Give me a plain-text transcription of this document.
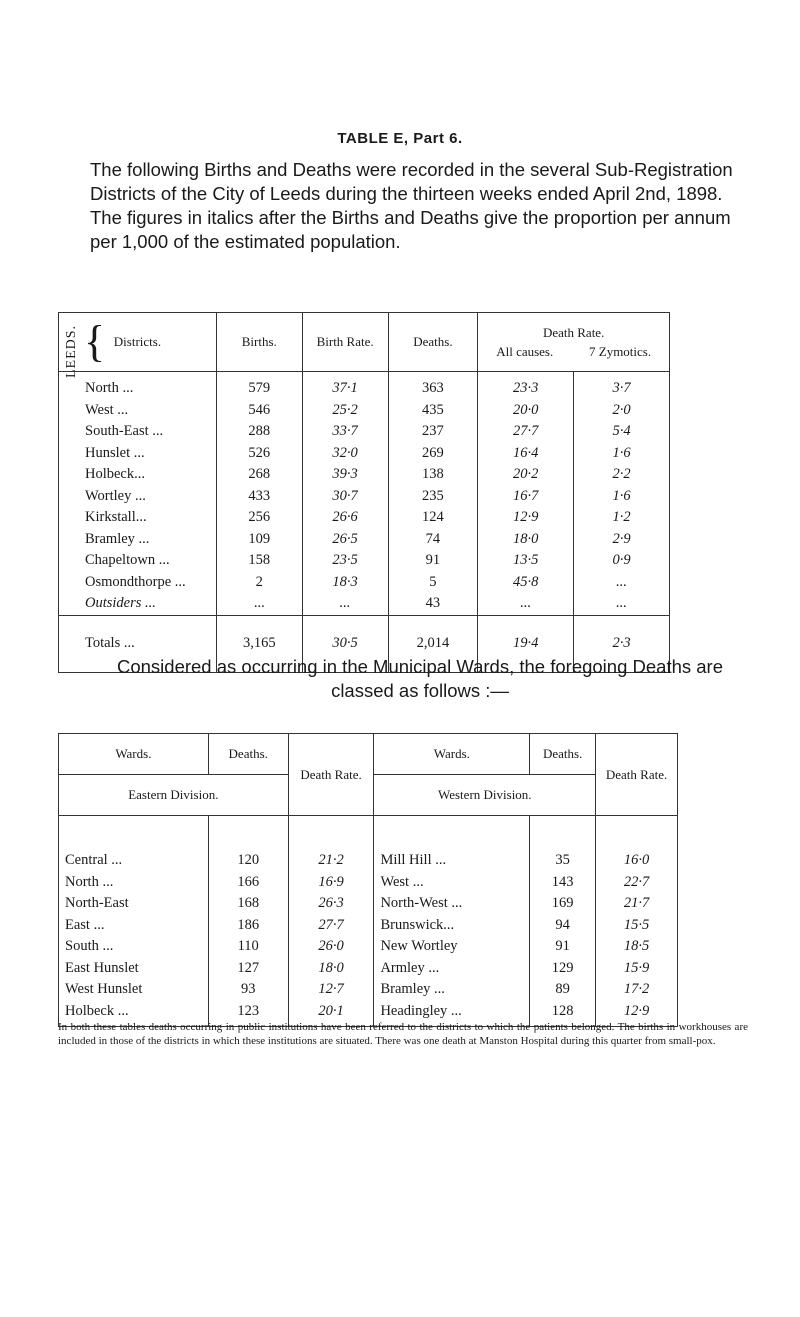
TABLE E, Part 6.
The following Births and Deaths were recorded in the several Sub-Registration Districts of the City of Leeds during the thirteen weeks ended April 2nd, 1898. The figures in italics after the Births and Deaths give the proportion per annum per 1,000 of the estimated population.
LEEDS. { Districts.	Births.	Birth Rate.	Deaths.	Death Rate.
All causes. 7 Zymotics.	

North ...	579	37·1	363	23·3	3·7
West ...	546	25·2	435	20·0	2·0
South-East ...	288	33·7	237	27·7	5·4
Hunslet ...	526	32·0	269	16·4	1·6
Holbeck...	268	39·3	138	20·2	2·2
Wortley ...	433	30·7	235	16·7	1·6
Kirkstall...	256	26·6	124	12·9	1·2
Bramley ...	109	26·5	74	18·0	2·9
Chapeltown ...	158	23·5	91	13·5	0·9
Osmondthorpe ...	2	18·3	5	45·8	...
Outsiders ...	...	...	43	...	...
Totals ...	3,165	30·5	2,014	19·4	2·3
Considered as occurring in the Municipal Wards, the foregoing Deaths are classed as follows :—
Wards.	Deaths.	Death Rate.	Wards.	Deaths.	Death Rate.
Eastern Division.			Western Division.		
Central ...	120	21·2	Mill Hill ...	35	16·0
North ...	166	16·9	West ...	143	22·7
North-East	168	26·3	North-West ...	169	21·7
East ...	186	27·7	Brunswick...	94	15·5
South ...	110	26·0	New Wortley	91	18·5
East Hunslet	127	18·0	Armley ...	129	15·9
West Hunslet	93	12·7	Bramley ...	89	17·2
Holbeck ...	123	20·1	Headingley ...	128	12·9
In both these tables deaths occurring in public institutions have been referred to the districts to which the patients belonged. The births in workhouses are included in those of the districts in which these institutions are situated. There was one death at Manston Hospital during this quarter from small-pox.
